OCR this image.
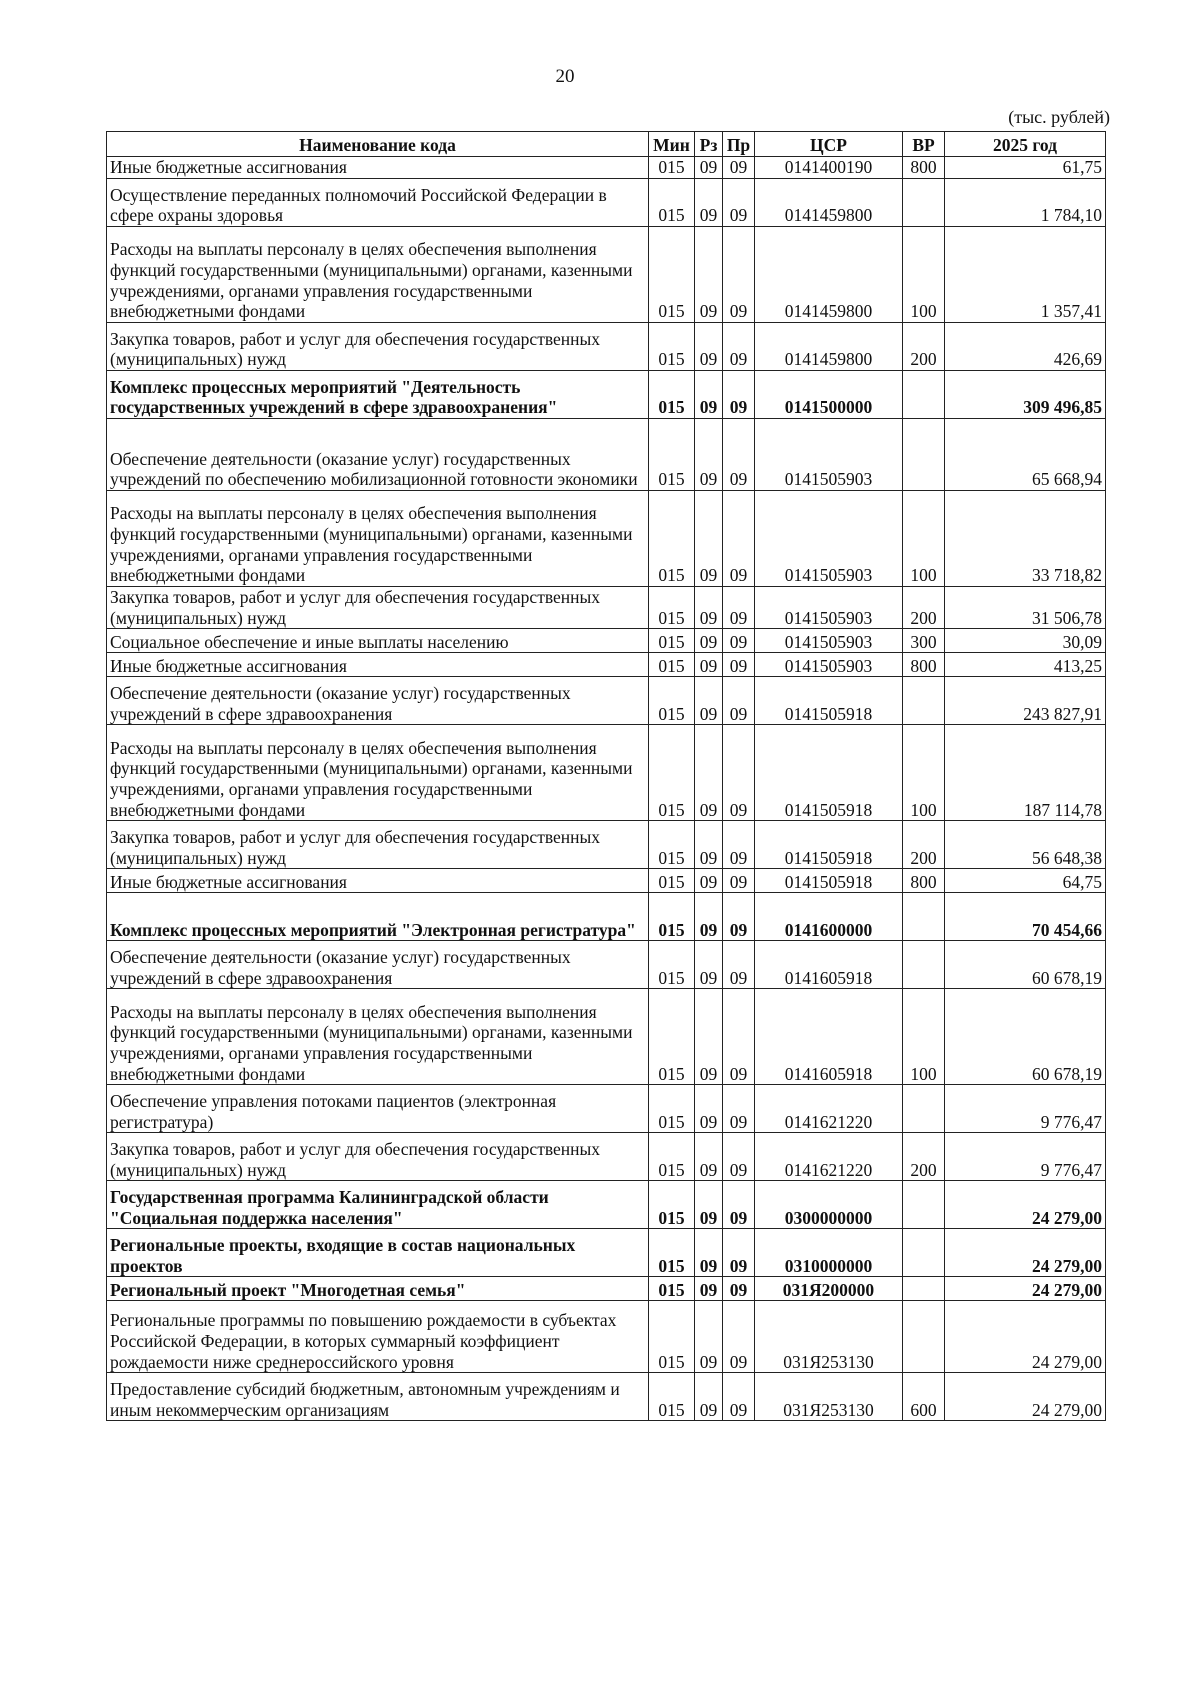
20
(тыс. рублей)
Наименование кода	Мин	Рз	Пр	ЦСР	ВР	2025 год
Иные бюджетные ассигнования	015	09	09	0141400190	800	61,75
Осуществление переданных полномочий Российской Федерации в сфере охраны здоровья	015	09	09	0141459800		1 784,10
Расходы на выплаты персоналу в целях обеспечения выполнения функций государственными (муниципальными) органами, казенными учреждениями, органами управления государственными внебюджетными фондами	015	09	09	0141459800	100	1 357,41
Закупка товаров, работ и услуг для обеспечения государственных (муниципальных) нужд	015	09	09	0141459800	200	426,69
Комплекс процессных мероприятий "Деятельность государственных учреждений в сфере здравоохранения"	015	09	09	0141500000		309 496,85
Обеспечение деятельности (оказание услуг) государственных учреждений по обеспечению мобилизационной готовности экономики	015	09	09	0141505903		65 668,94
Расходы на выплаты персоналу в целях обеспечения выполнения функций государственными (муниципальными) органами, казенными учреждениями, органами управления государственными внебюджетными фондами	015	09	09	0141505903	100	33 718,82
Закупка товаров, работ и услуг для обеспечения государственных (муниципальных) нужд	015	09	09	0141505903	200	31 506,78
Социальное обеспечение и иные выплаты населению	015	09	09	0141505903	300	30,09
Иные бюджетные ассигнования	015	09	09	0141505903	800	413,25
Обеспечение деятельности (оказание услуг) государственных учреждений в сфере здравоохранения	015	09	09	0141505918		243 827,91
Расходы на выплаты персоналу в целях обеспечения выполнения функций государственными (муниципальными) органами, казенными учреждениями, органами управления государственными внебюджетными фондами	015	09	09	0141505918	100	187 114,78
Закупка товаров, работ и услуг для обеспечения государственных (муниципальных) нужд	015	09	09	0141505918	200	56 648,38
Иные бюджетные ассигнования	015	09	09	0141505918	800	64,75
Комплекс процессных мероприятий "Электронная регистратура"	015	09	09	0141600000		70 454,66
Обеспечение деятельности (оказание услуг) государственных учреждений в сфере здравоохранения	015	09	09	0141605918		60 678,19
Расходы на выплаты персоналу в целях обеспечения выполнения функций государственными (муниципальными) органами, казенными учреждениями, органами управления государственными внебюджетными фондами	015	09	09	0141605918	100	60 678,19
Обеспечение управления потоками пациентов (электронная регистратура)	015	09	09	0141621220		9 776,47
Закупка товаров, работ и услуг для обеспечения государственных (муниципальных) нужд	015	09	09	0141621220	200	9 776,47
Государственная программа Калининградской области "Социальная поддержка населения"	015	09	09	0300000000		24 279,00
Региональные проекты, входящие в состав национальных проектов	015	09	09	0310000000		24 279,00
Региональный проект "Многодетная семья"	015	09	09	031Я200000		24 279,00
Региональные программы по повышению рождаемости в субъектах Российской Федерации, в которых суммарный коэффициент рождаемости ниже среднероссийского уровня	015	09	09	031Я253130		24 279,00
Предоставление субсидий бюджетным, автономным учреждениям и иным некоммерческим организациям	015	09	09	031Я253130	600	24 279,00
